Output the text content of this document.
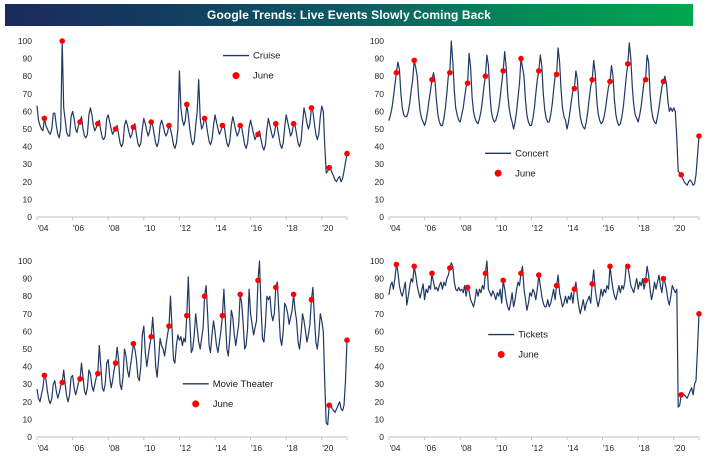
Google Trends: Live Events Slowly Coming Back
0
10
20
30
40
50
60
70
80
90
100
'04	'06	'08	'10	'12	'14	'16	'18	'20
Cruise
June
0
10
20
30
40
50
60
70
80
90
100
'04	'06	'08	'10	'12	'14	'16	'18	'20
Concert
June
0
10
20
30
40
50
60
70
80
90
100
'04	'06	'08	'10	'12	'14	'16	'18	'20
Movie Theater
June
0
10
20
30
40
50
60
70
80
90
100
'04	'06	'08	'10	'12	'14	'16	'18	'20
Tickets
June
